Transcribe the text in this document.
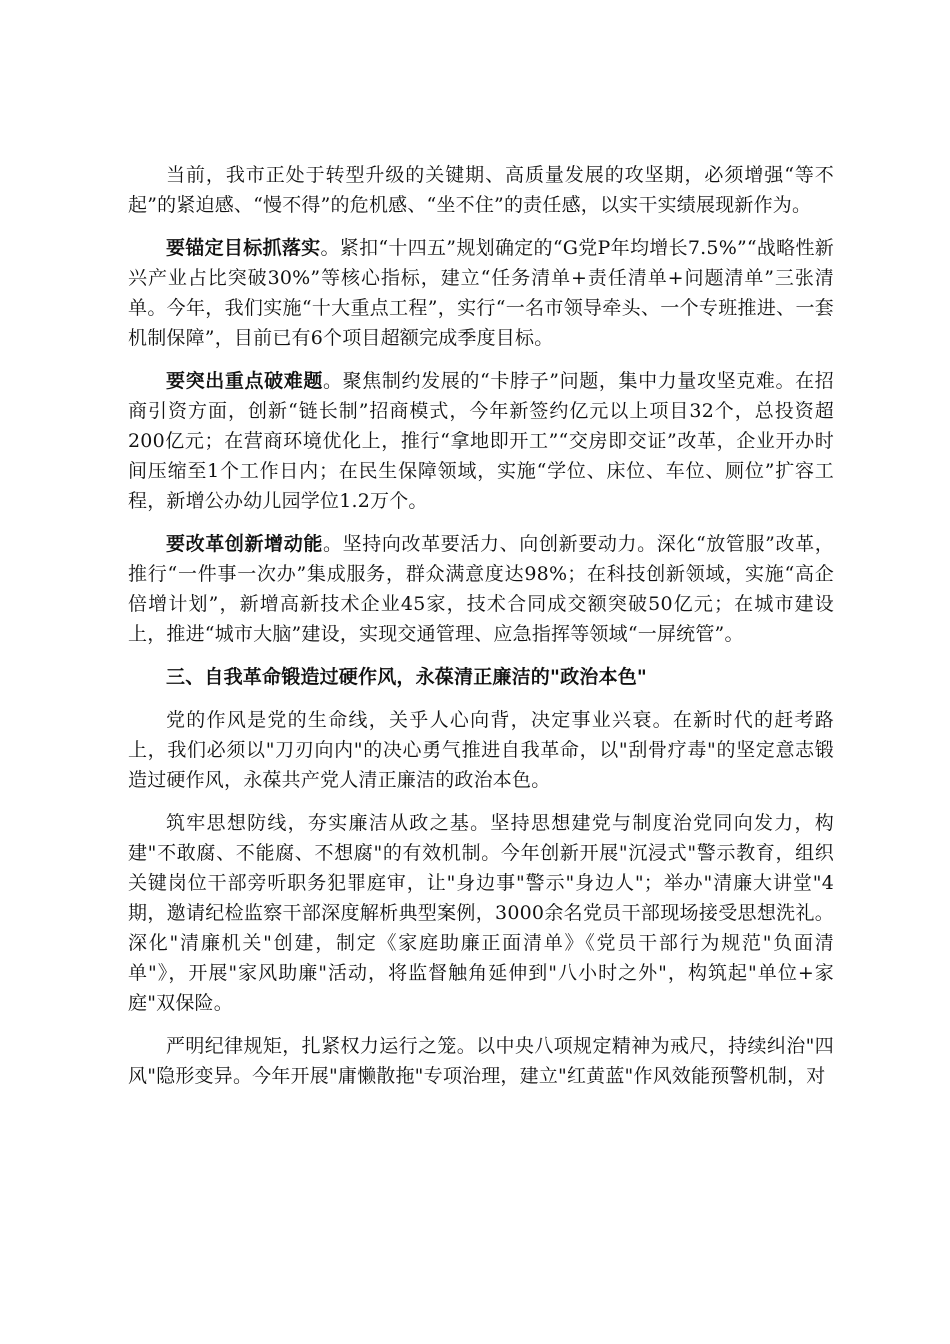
当前，我市正处于转型升级的关键期、高质量发展的攻坚期，必须增强“等不起”的紧迫感、“慢不得”的危机感、“坐不住”的责任感，以实干实绩展现新作为。

要锚定目标抓落实。紧扣“十四五”规划确定的“G党P年均增长7.5%”“战略性新兴产业占比突破30%”等核心指标，建立“任务清单+责任清单+问题清单”三张清单。今年，我们实施“十大重点工程”，实行“一名市领导牵头、一个专班推进、一套机制保障”，目前已有6个项目超额完成季度目标。

要突出重点破难题。聚焦制约发展的“卡脖子”问题，集中力量攻坚克难。在招商引资方面，创新“链长制”招商模式，今年新签约亿元以上项目32个，总投资超200亿元；在营商环境优化上，推行“拿地即开工”“交房即交证”改革，企业开办时间压缩至1个工作日内；在民生保障领域，实施“学位、床位、车位、厕位”扩容工程，新增公办幼儿园学位1.2万个。

要改革创新增动能。坚持向改革要活力、向创新要动力。深化“放管服”改革，推行“一件事一次办”集成服务，群众满意度达98%；在科技创新领域，实施“高企倍增计划”，新增高新技术企业45家，技术合同成交额突破50亿元；在城市建设上，推进“城市大脑”建设，实现交通管理、应急指挥等领域“一屏统管”。

三、自我革命锻造过硬作风，永葆清正廉洁的"政治本色"

党的作风是党的生命线，关乎人心向背，决定事业兴衰。在新时代的赶考路上，我们必须以"刀刃向内"的决心勇气推进自我革命，以"刮骨疗毒"的坚定意志锻造过硬作风，永葆共产党人清正廉洁的政治本色。

筑牢思想防线，夯实廉洁从政之基。坚持思想建党与制度治党同向发力，构建"不敢腐、不能腐、不想腐"的有效机制。今年创新开展"沉浸式"警示教育，组织关键岗位干部旁听职务犯罪庭审，让"身边事"警示"身边人"；举办"清廉大讲堂"4期，邀请纪检监察干部深度解析典型案例，3000余名党员干部现场接受思想洗礼。深化"清廉机关"创建，制定《家庭助廉正面清单》《党员干部行为规范"负面清单"》，开展"家风助廉"活动，将监督触角延伸到"八小时之外"，构筑起"单位+家庭"双保险。

严明纪律规矩，扎紧权力运行之笼。以中央八项规定精神为戒尺，持续纠治"四风"隐形变异。今年开展"庸懒散拖"专项治理，建立"红黄蓝"作风效能预警机制，对
